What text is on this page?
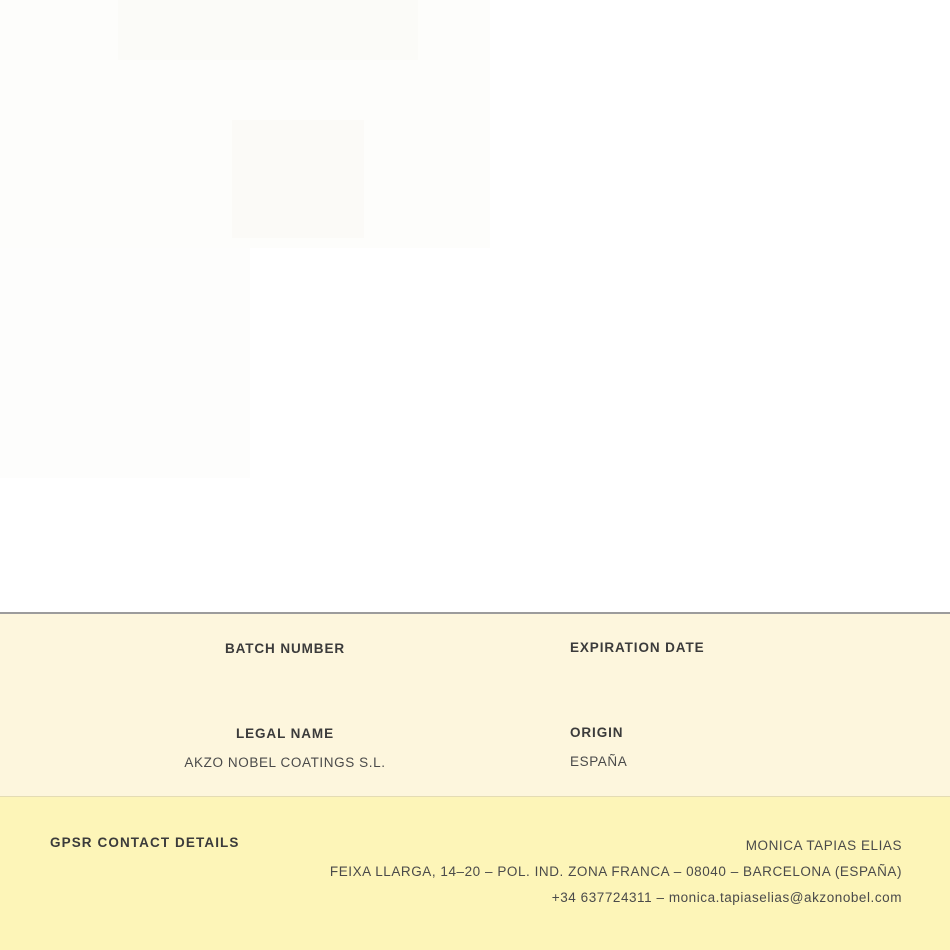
BATCH NUMBER	EXPIRATION DATE
LEGAL NAME	ORIGIN
AKZO NOBEL COATINGS S.L.	ESPAÑA
GPSR CONTACT DETAILS	MONICA TAPIAS ELIAS
FEIXA LLARGA, 14–20 – POL. IND. ZONA FRANCA – 08040 – BARCELONA (ESPAÑA)
+34 637724311 – monica.tapiaselias@akzonobel.com
